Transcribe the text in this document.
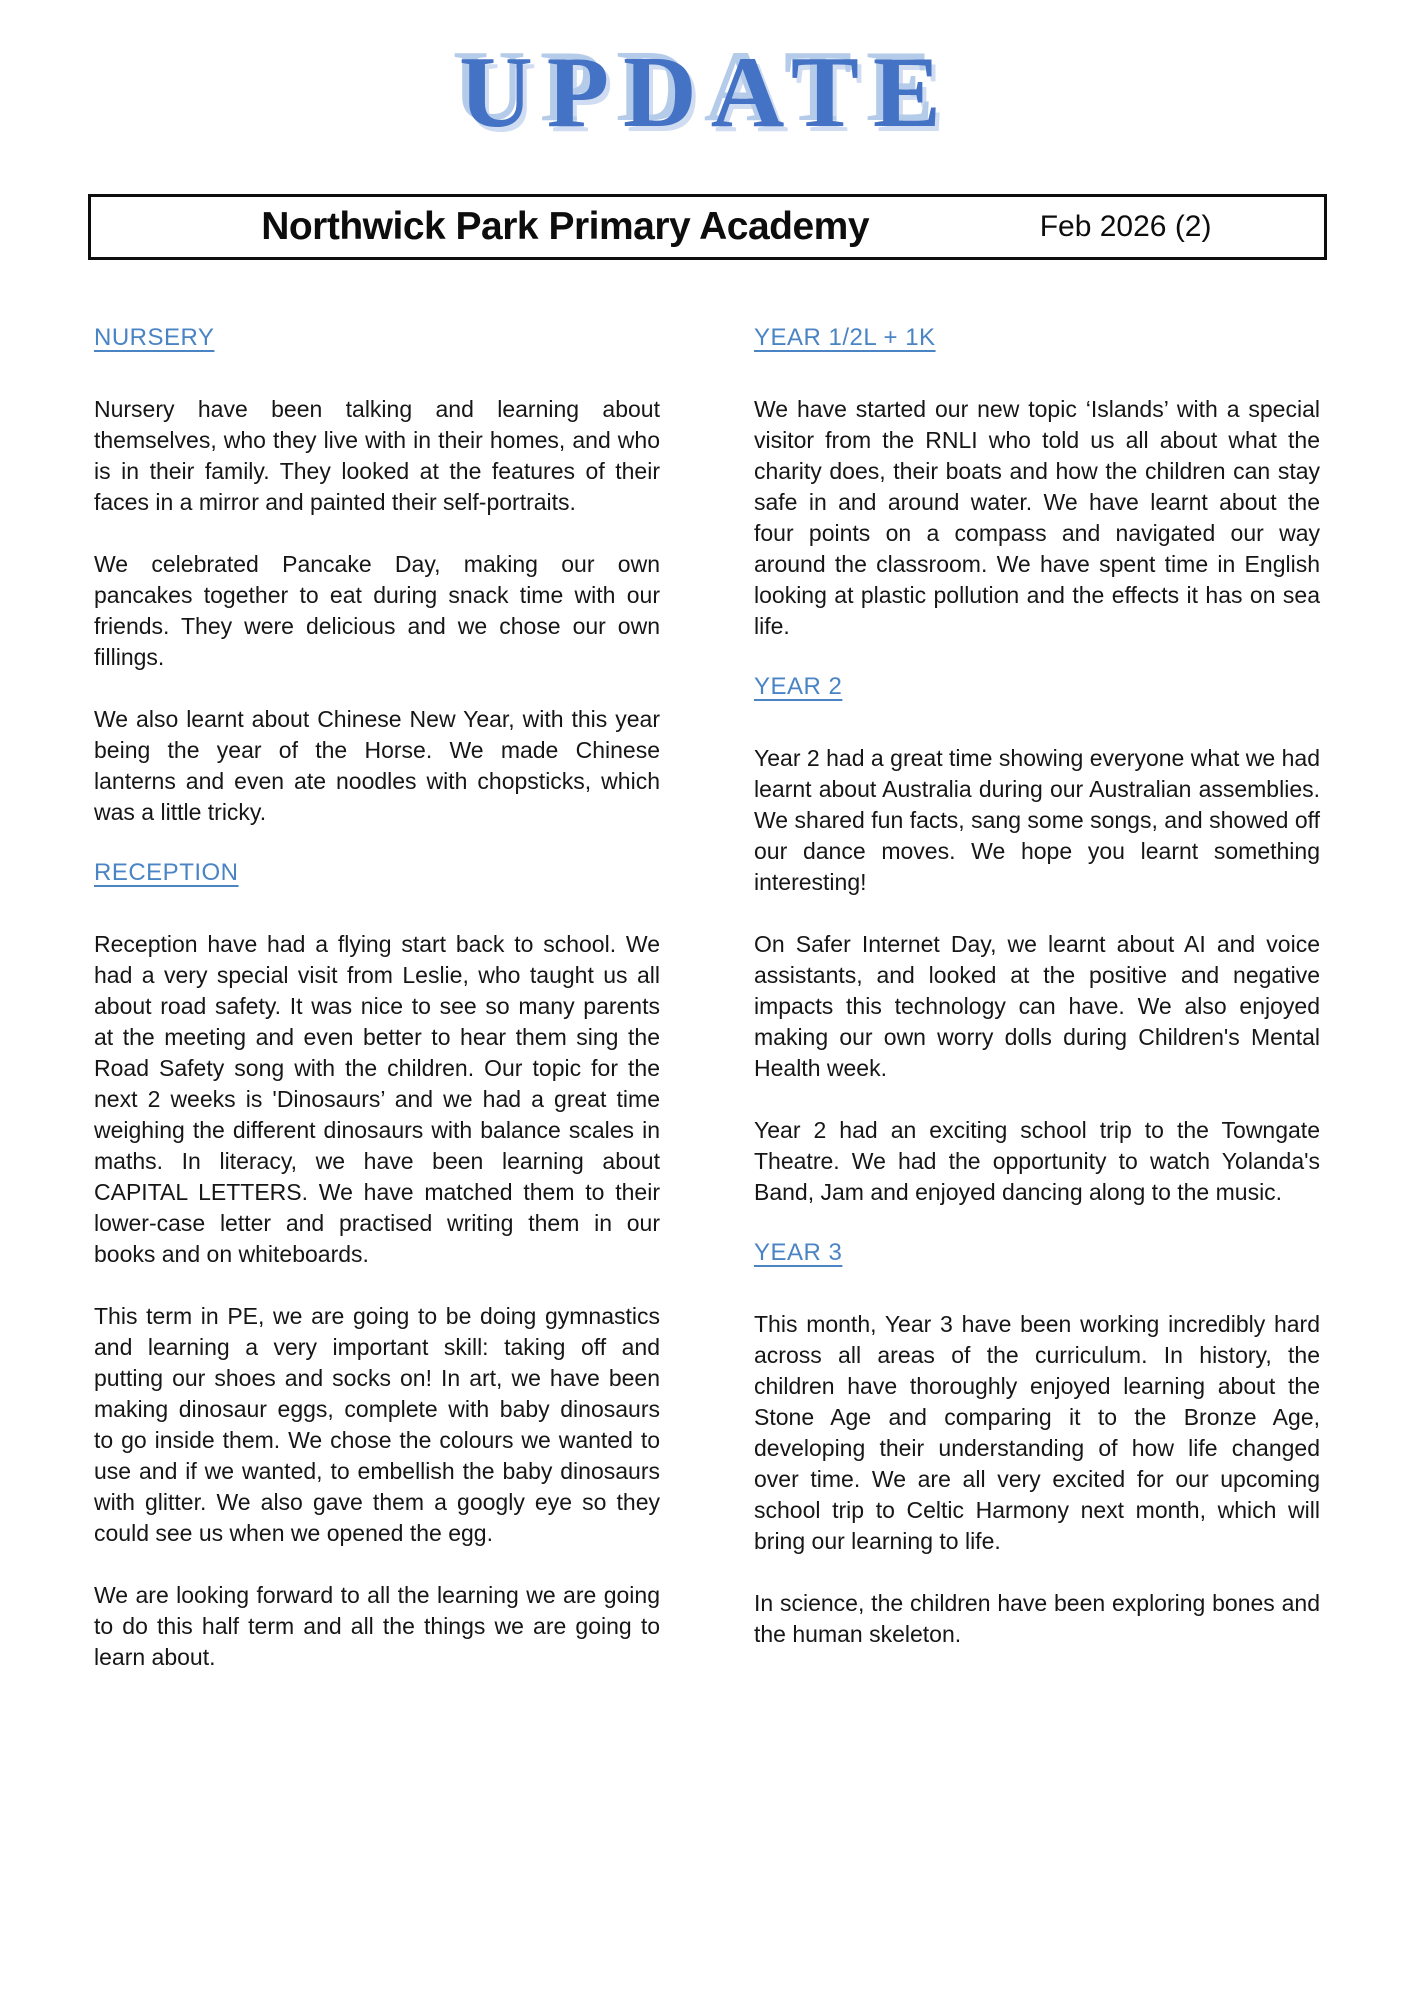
UPDATE
Northwick Park Primary Academy	Feb 2026 (2)
NURSERY

Nursery have been talking and learning about themselves, who they live with in their homes, and who is in their family. They looked at the features of their faces in a mirror and painted their self-portraits.

We celebrated Pancake Day, making our own pancakes together to eat during snack time with our friends. They were delicious and we chose our own fillings.

We also learnt about Chinese New Year, with this year being the year of the Horse. We made Chinese lanterns and even ate noodles with chopsticks, which was a little tricky.

RECEPTION

Reception have had a flying start back to school. We had a very special visit from Leslie, who taught us all about road safety. It was nice to see so many parents at the meeting and even better to hear them sing the Road Safety song with the children. Our topic for the next 2 weeks is 'Dinosaurs’ and we had a great time weighing the different dinosaurs with balance scales in maths. In literacy, we have been learning about CAPITAL LETTERS. We have matched them to their lower-case letter and practised writing them in our books and on whiteboards.

This term in PE, we are going to be doing gymnastics and learning a very important skill: taking off and putting our shoes and socks on! In art, we have been making dinosaur eggs, complete with baby dinosaurs to go inside them. We chose the colours we wanted to use and if we wanted, to embellish the baby dinosaurs with glitter. We also gave them a googly eye so they could see us when we opened the egg.

We are looking forward to all the learning we are going to do this half term and all the things we are going to learn about.

YEAR 1/2L + 1K

We have started our new topic ‘Islands’ with a special visitor from the RNLI who told us all about what the charity does, their boats and how the children can stay safe in and around water. We have learnt about the four points on a compass and navigated our way around the classroom. We have spent time in English looking at plastic pollution and the effects it has on sea life.

YEAR 2

Year 2 had a great time showing everyone what we had learnt about Australia during our Australian assemblies. We shared fun facts, sang some songs, and showed off our dance moves. We hope you learnt something interesting!

On Safer Internet Day, we learnt about AI and voice assistants, and looked at the positive and negative impacts this technology can have. We also enjoyed making our own worry dolls during Children's Mental Health week.

Year 2 had an exciting school trip to the Towngate Theatre. We had the opportunity to watch Yolanda's Band, Jam and enjoyed dancing along to the music.

YEAR 3

This month, Year 3 have been working incredibly hard across all areas of the curriculum. In history, the children have thoroughly enjoyed learning about the Stone Age and comparing it to the Bronze Age, developing their understanding of how life changed over time. We are all very excited for our upcoming school trip to Celtic Harmony next month, which will bring our learning to life.

In science, the children have been exploring bones and the human skeleton.
